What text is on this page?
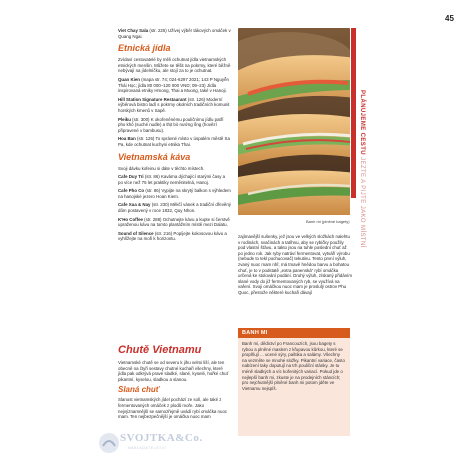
45

Viet Chay Sala (str. 225) Užívej výběr tákových omáček v Quang Ngai.

Etnická jídla

Zvídaví cestovatelé by měli ochutnat jídla vietnamských etnických menšin. Můžete se těšit na pokrmy, které běžně nebývají na jídelníčku, ale stojí za to je ochutnat.

Quan Kien (mapa str. 74; 024-6297 2021; 143 P Nguyễn Thái Học; jídla 80 000–120 000 VND; 09–23) Jídla inspirovaná etniky Hmong, Thai a Muong, také v Hanoji.

Hill Station Signature Restaurant (str. 126) Moderní výběrová bistro ladí s pokrmy okolních tradičních komunit horských kmenů v Sapě.

Pleiku (str. 300) K okořeněnému pouličnímu jídlu patří pho khô (suché nudle) a thịt bò nướng ống (hovězí připravené v bambusu).

Hoa Ban (str. 126) To správné místo v úspalém městě Sa Pa, kde ochutnat kuchyni etnika Thai.

Vietnamská káva

Svoji dávku kofeinu si dáte v těchto místech.

Cafe Duy Tri (str. 86) Kavárna dýchající starými časy a po více než 75 let praktiky neměnitelná, Hanoj.

Cafe Pho Co (str. 86) Vypijte na skrytý balkon s výhledem na hanojské jezero Hoan Kiem.

Cafe Xua & Nay (str. 230) Měkčí vánek a tradiční dřevěný dům postavený v roce 1832, Quy Nhon.

K'Ho Coffee (str. 288) Ochutnejte kávu a kupte si čerstvě upraženou kávu na tomto plantážním místě mezi Dalatu.

Sound of Silence (str. 216) Popíjejte kokosovou kávu a vyhlížejte na moři k horizontu.

Banh mi (plněné bagety)
PLÁNUJEME CESTU JEZTE A PIJTE JAKO MÍSTNÍ
zajímavější sušenky, jež jsou ve velkých složkách nalehtu v rodinách, svačinách a tatíhnu, aby se rybičky použily pod vlastní šťávu, a takto jsou na tuhle poslední chuť až po jedno rok. Jak ryby natráví fermentovat, vytváří výrobu (nebude to tekl pochucovač) tekutinu. Tento první výluh, zvaný nuoc mam nhĩ, má tmavě hnědou barvu a bohatou chuť, je to v podstatě „extra panenská“ rybí omáčka určená ke stolování podání. Druhý výluh, získaný přidáním slané vody do již fermentovaných ryb, se využívá na vaření. Svoji omáčkou nuoc mam je proslulý ostrov Phu Quoc, přestože některé kuchaři dávají
Chutě Vietnamu

Vietnamské chutě se od severu k jihu velmi liší, ale ten obecně na čtyři sestavy chutné kuchaři všechny, které jídla pak odkrývá pravé sladké, slané, kyselé, hořké chuť pikantní, kyselou, sladkou a slanou.

Slaná chuť

Slanost vietnamských jídel pochází ze solí, ale také z fermentovaných omáček z plodů moře. Jako nejvýznamnější se samozřejmě uvádí rybí omáčka nuoc mam. Ten nejbezpečnější je omáčka nuoc mam

BANH MI
Banh mi, dědictví po Francouzích, jsou bagety s rybou a plněné maslem z křupavou kůrkou, které se proplňují ... ucené sýry, paštika a salámy. Všechny na vezměte se mnohé složky. Pikantní variace, často nabízení taky doputují na trh pouliční stánky. Je tu méně sladkých a víc kořenitých variací. Pokud jde o nejlepší banh mi, zkuste je na prodejních stáncích; pro nejchutnější plněné banh mi potom jděte ve Vietnamu nejspíš.
SVOJTKA&Co.
NAKLADATELSTVÍ
